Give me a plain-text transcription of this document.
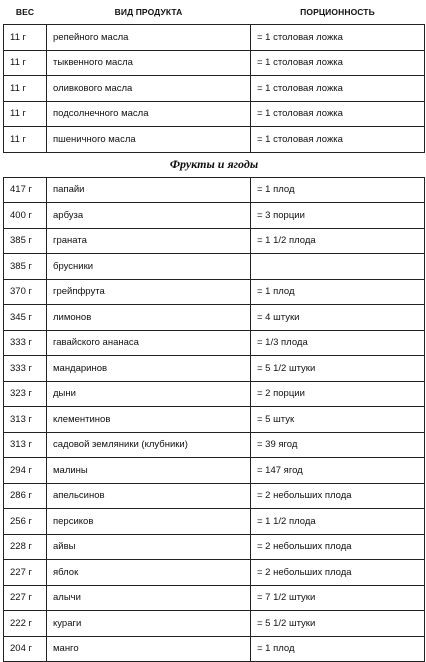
ВЕС	ВИД ПРОДУКТА	ПОРЦИОННОСТЬ
11 г	репейного масла	= 1 столовая ложка
11 г	тыквенного масла	= 1 столовая ложка
11 г	оливкового масла	= 1 столовая ложка
11 г	подсолнечного масла	= 1 столовая ложка
11 г	пшеничного масла	= 1 столовая ложка
Фрукты и ягоды		
417 г	папайи	= 1 плод
400 г	арбуза	= 3 порции
385 г	граната	= 1 1/2 плода
385 г	брусники	
370 г	грейпфрута	= 1 плод
345 г	лимонов	= 4 штуки
333 г	гавайского ананаса	= 1/3 плода
333 г	мандаринов	= 5 1/2 штуки
323 г	дыни	= 2 порции
313 г	клементинов	= 5 штук
313 г	садовой земляники (клубники)	= 39 ягод
294 г	малины	= 147 ягод
286 г	апельсинов	= 2 небольших плода
256 г	персиков	= 1 1/2 плода
228 г	айвы	= 2 небольших плода
227 г	яблок	= 2 небольших плода
227 г	алычи	= 7 1/2 штуки
222 г	кураги	= 5 1/2 штуки
204 г	манго	= 1 плод
